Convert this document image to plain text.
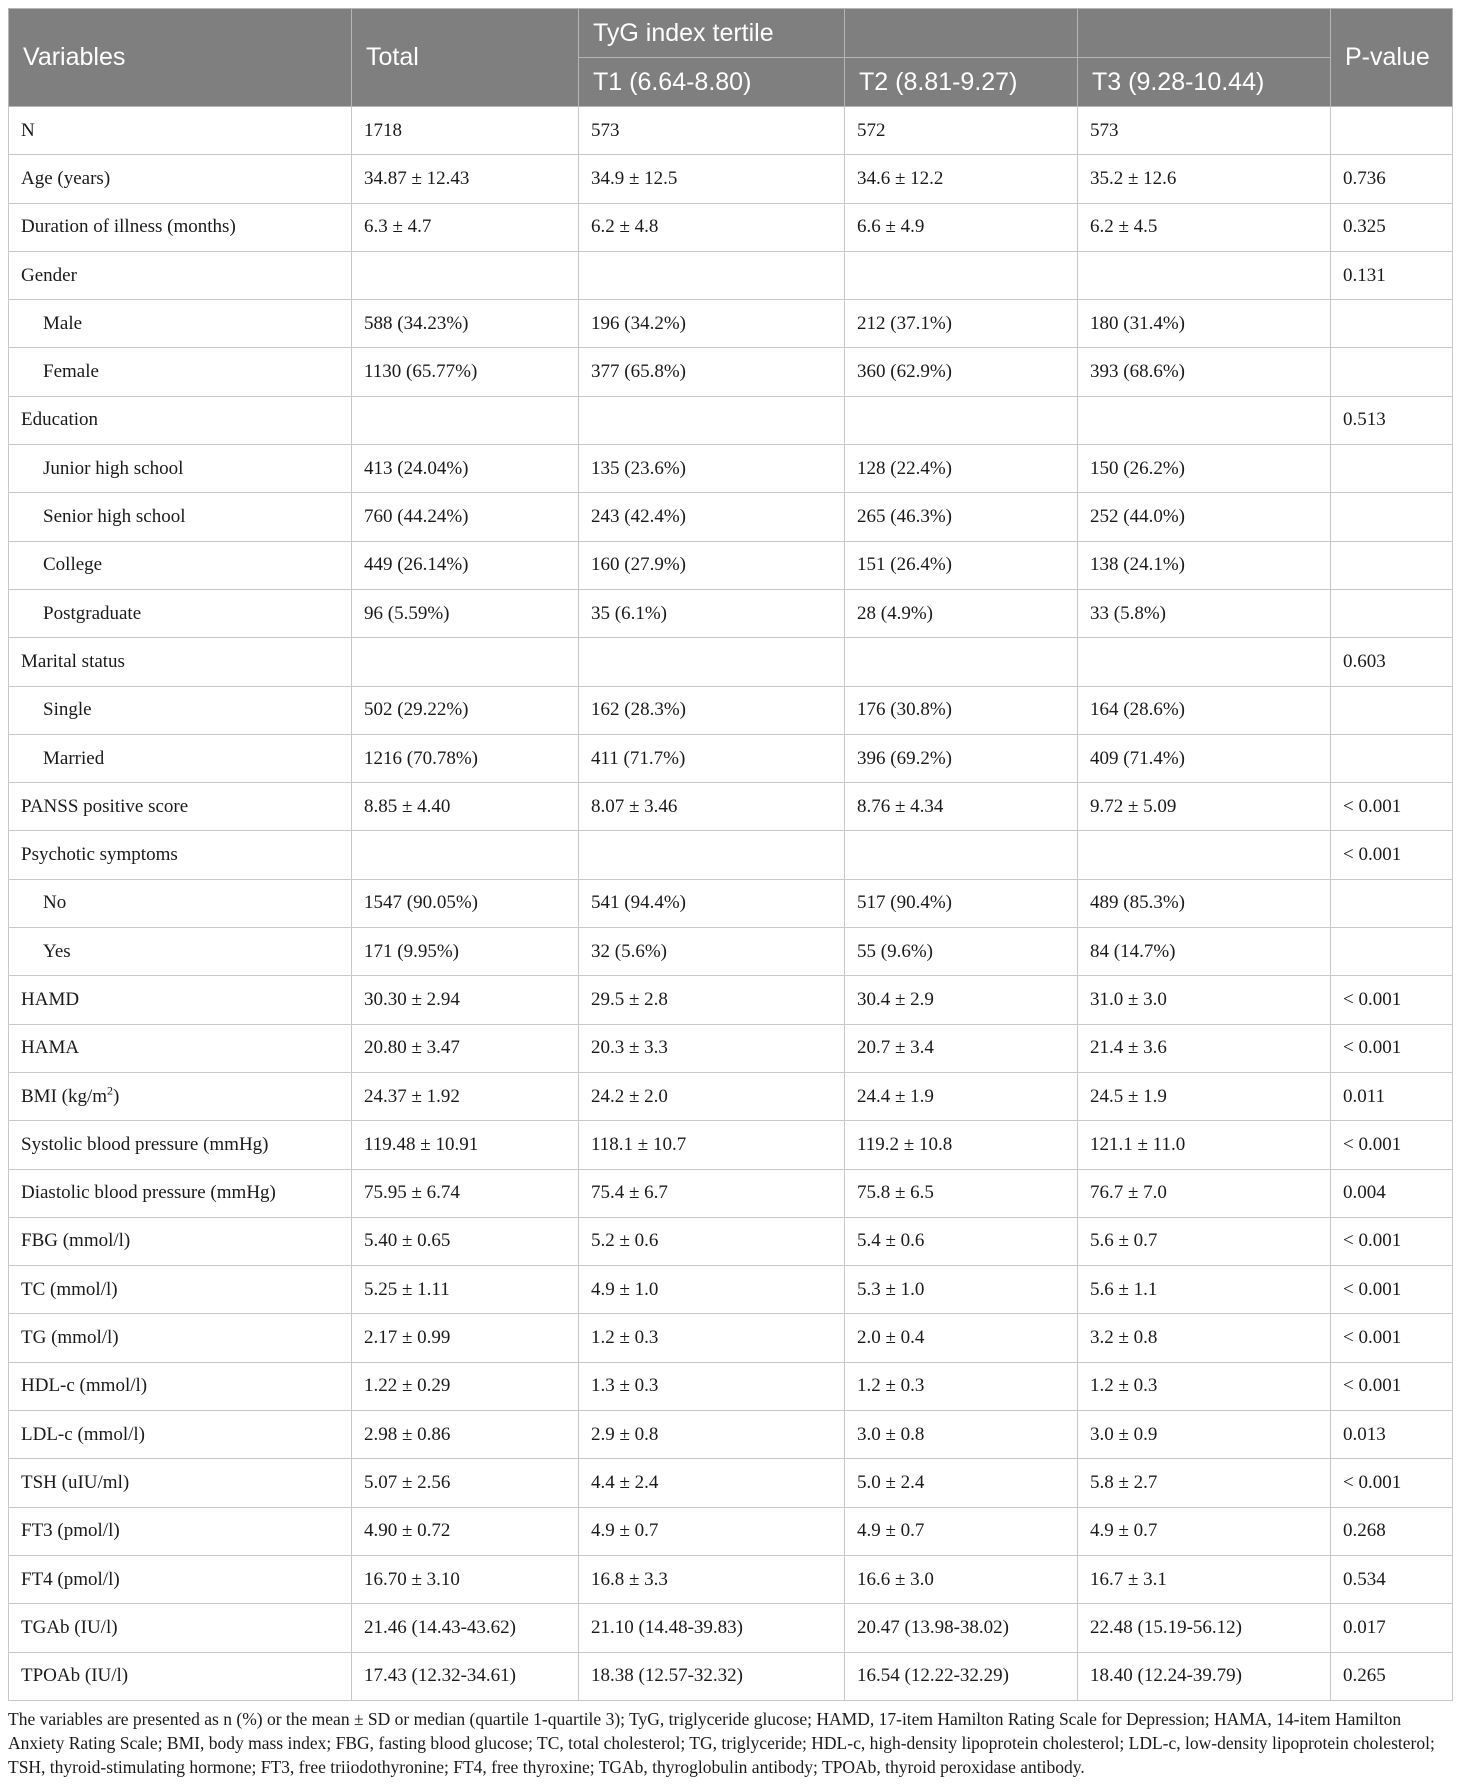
Variables	Total	TyG index tertile			P-value
		T1 (6.64-8.80)	T2 (8.81-9.27)	T3 (9.28-10.44)	
N	1718	573	572	573	
Age (years)	34.87 ± 12.43	34.9 ± 12.5	34.6 ± 12.2	35.2 ± 12.6	0.736
Duration of illness (months)	6.3 ± 4.7	6.2 ± 4.8	6.6 ± 4.9	6.2 ± 4.5	0.325
Gender					0.131
Male	588 (34.23%)	196 (34.2%)	212 (37.1%)	180 (31.4%)	
Female	1130 (65.77%)	377 (65.8%)	360 (62.9%)	393 (68.6%)	
Education					0.513
Junior high school	413 (24.04%)	135 (23.6%)	128 (22.4%)	150 (26.2%)	
Senior high school	760 (44.24%)	243 (42.4%)	265 (46.3%)	252 (44.0%)	
College	449 (26.14%)	160 (27.9%)	151 (26.4%)	138 (24.1%)	
Postgraduate	96 (5.59%)	35 (6.1%)	28 (4.9%)	33 (5.8%)	
Marital status					0.603
Single	502 (29.22%)	162 (28.3%)	176 (30.8%)	164 (28.6%)	
Married	1216 (70.78%)	411 (71.7%)	396 (69.2%)	409 (71.4%)	
PANSS positive score	8.85 ± 4.40	8.07 ± 3.46	8.76 ± 4.34	9.72 ± 5.09	< 0.001
Psychotic symptoms					< 0.001
No	1547 (90.05%)	541 (94.4%)	517 (90.4%)	489 (85.3%)	
Yes	171 (9.95%)	32 (5.6%)	55 (9.6%)	84 (14.7%)	
HAMD	30.30 ± 2.94	29.5 ± 2.8	30.4 ± 2.9	31.0 ± 3.0	< 0.001
HAMA	20.80 ± 3.47	20.3 ± 3.3	20.7 ± 3.4	21.4 ± 3.6	< 0.001
BMI $(kg/m^2)$	24.37 ± 1.92	24.2 ± 2.0	24.4 ± 1.9	24.5 ± 1.9	0.011
Systolic blood pressure (mmHg)	119.48 ± 10.91	118.1 ± 10.7	119.2 ± 10.8	121.1 ± 11.0	< 0.001
Diastolic blood pressure (mmHg)	75.95 ± 6.74	75.4 ± 6.7	75.8 ± 6.5	76.7 ± 7.0	0.004
FBG (mmol/l)	5.40 ± 0.65	5.2 ± 0.6	5.4 ± 0.6	5.6 ± 0.7	< 0.001
TC (mmol/l)	5.25 ± 1.11	4.9 ± 1.0	5.3 ± 1.0	5.6 ± 1.1	< 0.001
TG (mmol/l)	2.17 ± 0.99	1.2 ± 0.3	2.0 ± 0.4	3.2 ± 0.8	< 0.001
HDL-c (mmol/l)	1.22 ± 0.29	1.3 ± 0.3	1.2 ± 0.3	1.2 ± 0.3	< 0.001
LDL-c (mmol/l)	2.98 ± 0.86	2.9 ± 0.8	3.0 ± 0.8	3.0 ± 0.9	0.013
TSH (uIU/ml)	5.07 ± 2.56	4.4 ± 2.4	5.0 ± 2.4	5.8 ± 2.7	< 0.001
FT3 (pmol/l)	4.90 ± 0.72	4.9 ± 0.7	4.9 ± 0.7	4.9 ± 0.7	0.268
FT4 (pmol/l)	16.70 ± 3.10	16.8 ± 3.3	16.6 ± 3.0	16.7 ± 3.1	0.534
TGAb (IU/l)	21.46 (14.43-43.62)	21.10 (14.48-39.83)	20.47 (13.98-38.02)	22.48 (15.19-56.12)	0.017
TPOAb (IU/l)	17.43 (12.32-34.61)	18.38 (12.57-32.32)	16.54 (12.22-32.29)	18.40 (12.24-39.79)	0.265
The variables are presented as n (%) or the mean ± SD or median (quartile 1-quartile 3); TyG, triglyceride glucose; HAMD, 17-item Hamilton Rating Scale for Depression; HAMA, 14-item Hamilton Anxiety Rating Scale; BMI, body mass index; FBG, fasting blood glucose; TC, total cholesterol; TG, triglyceride; HDL-c, high-density lipoprotein cholesterol; LDL-c, low-density lipoprotein cholesterol; TSH, thyroid-stimulating hormone; FT3, free triiodothyronine; FT4, free thyroxine; TGAb, thyroglobulin antibody; TPOAb, thyroid peroxidase antibody.
